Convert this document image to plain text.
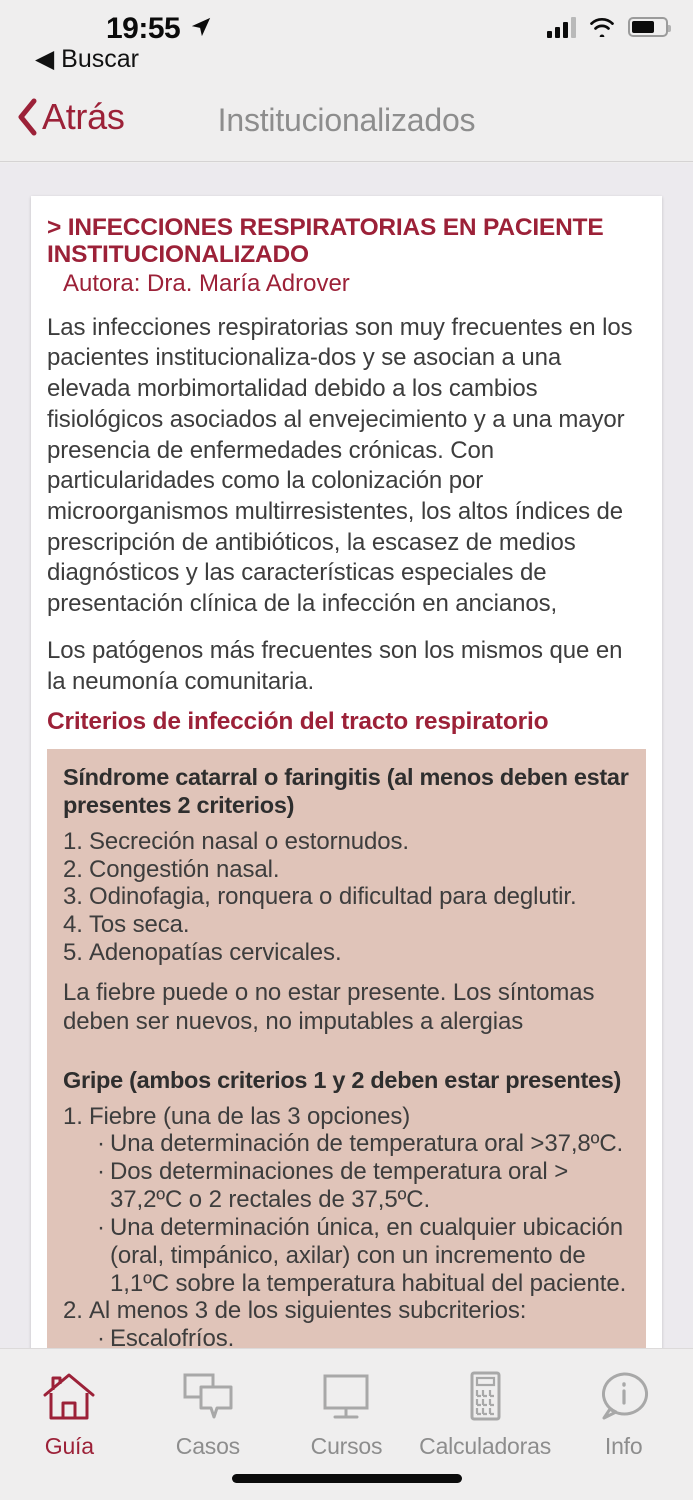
19:55
◀ Buscar
Atrás	Institucionalizados
> INFECCIONES RESPIRATORIAS EN PACIENTE INSTITUCIONALIZADO
Autora: Dra. María Adrover
Las infecciones respiratorias son muy frecuentes en los pacientes institucionaliza-dos y se asocian a una elevada morbimortalidad debido a los cambios fisiológicos asociados al envejecimiento y a una mayor presencia de enfermedades crónicas. Con particularidades como la colonización por microorganismos multirresistentes, los altos índices de prescripción de antibióticos, la escasez de medios diagnósticos y las características especiales de presentación clínica de la infección en ancianos,
Los patógenos más frecuentes son los mismos que en la neumonía comunitaria.
Criterios de infección del tracto respiratorio
Síndrome catarral o faringitis (al menos deben estar presentes 2 criterios)
1. Secreción nasal o estornudos.
2. Congestión nasal.
3. Odinofagia, ronquera o dificultad para deglutir.
4. Tos seca.
5. Adenopatías cervicales.
La fiebre puede o no estar presente. Los síntomas deben ser nuevos, no imputables a alergias
Gripe (ambos criterios 1 y 2 deben estar presentes)
1. Fiebre (una de las 3 opciones)
· Una determinación de temperatura oral >37,8ºC.
· Dos determinaciones de temperatura oral > 37,2ºC o 2 rectales de 37,5ºC.
· Una determinación única, en cualquier ubicación (oral, timpánico, axilar) con un incremento de 1,1ºC sobre la temperatura habitual del paciente.
2. Al menos 3 de los siguientes subcriterios:
· Escalofríos.
Guía	Casos	Cursos Calculadoras Info
